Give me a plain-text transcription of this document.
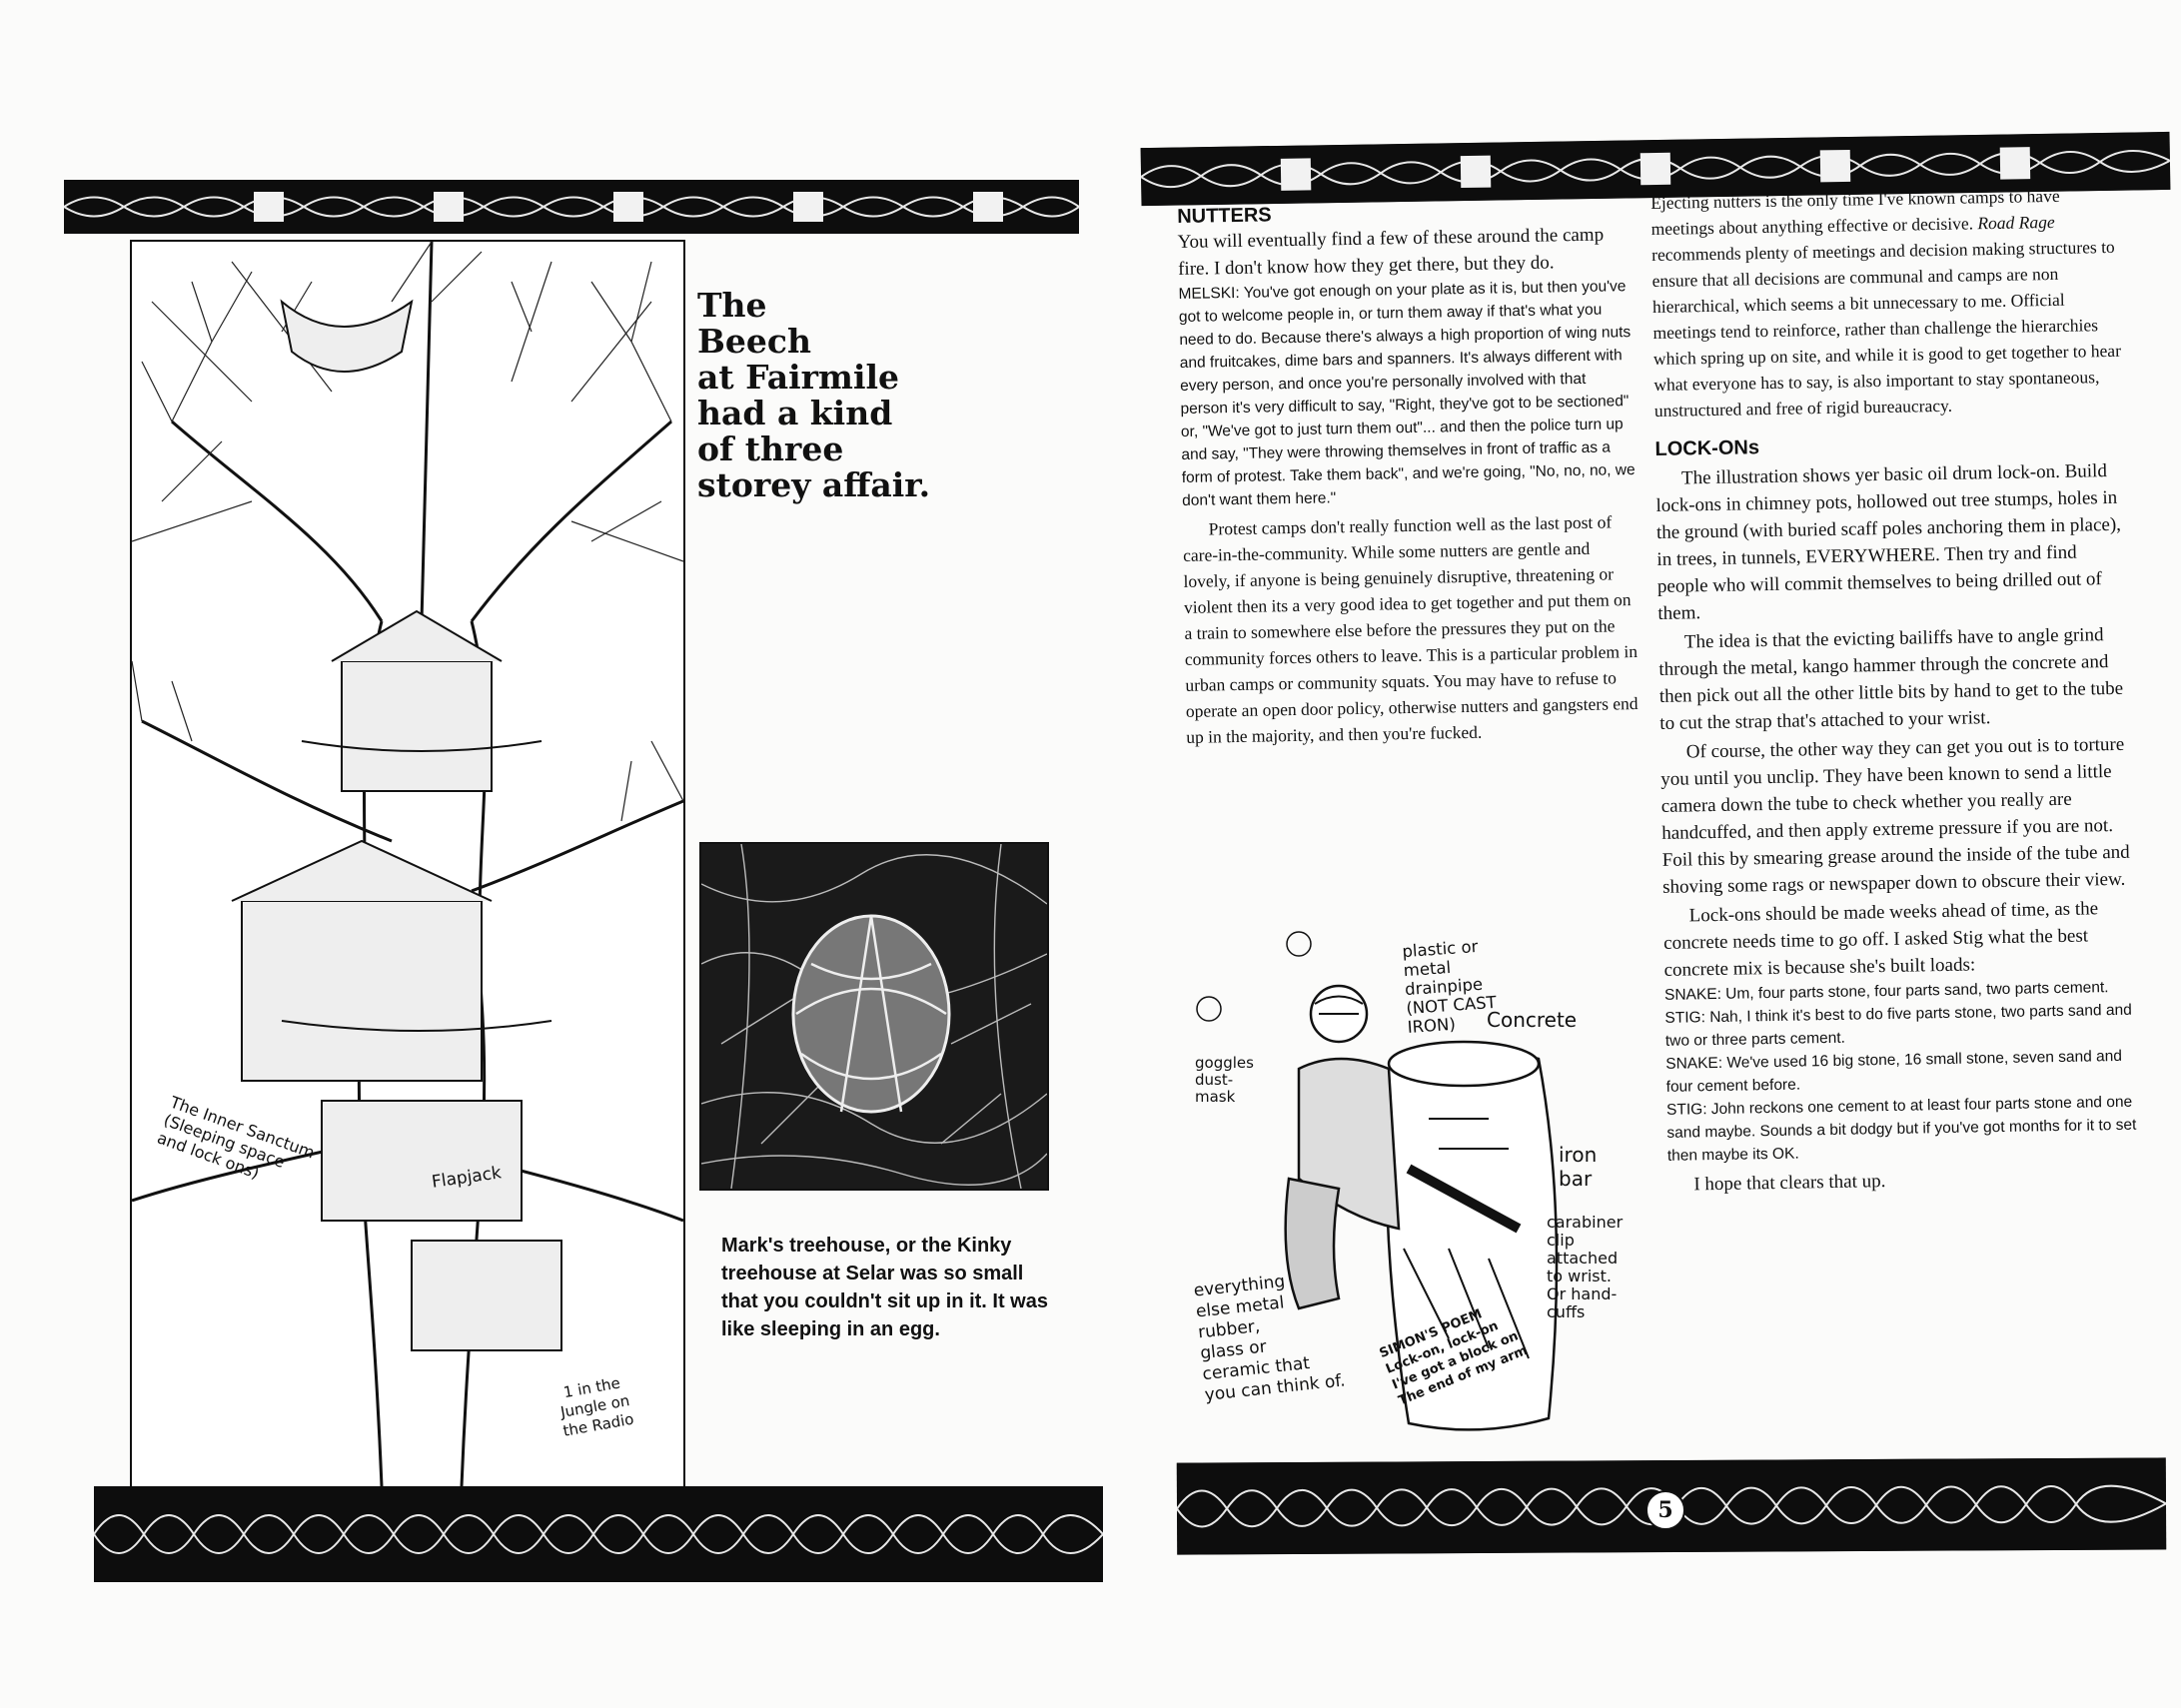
The Inner Sanctum
(Sleeping space
and lock ons)	Flapjack
1 in the
Jungle on
the Radio
The
Beech
at Fairmile
had a kind
of three
storey affair.
Mark's treehouse, or the Kinky treehouse at Selar was so small that you couldn't sit up in it. It was like sleeping in an egg.
NUTTERS

You will eventually find a few of these around the camp fire. I don't know how they get there, but they do.

MELSKI: You've got enough on your plate as it is, but then you've got to welcome people in, or turn them away if that's what you need to do. Because there's always a high proportion of wing nuts and fruitcakes, dime bars and spanners. It's always different with every person, and once you're personally involved with that person it's very difficult to say, "Right, they've got to be sectioned" or, "We've got to just turn them out"... and then the police turn up and say, "They were throwing themselves in front of traffic as a form of protest. Take them back", and we're going, "No, no, no, we don't want them here."

Protest camps don't really function well as the last post of care-in-the-community. While some nutters are gentle and lovely, if anyone is being genuinely disruptive, threatening or violent then its a very good idea to get together and put them on a train to somewhere else before the pressures they put on the community forces others to leave. This is a particular problem in urban camps or community squats. You may have to refuse to operate an open door policy, otherwise nutters and gangsters end up in the majority, and then you're fucked.

plastic or
metal
drainpipe
(NOT CAST
IRON)	Concrete
goggles
dust-
mask
iron
bar
carabiner
clip
attached
to wrist.
Or hand-
cuffs
everything
else metal
rubber,
glass or
ceramic that
you can think of.
SIMON'S POEM
Lock-on, lock-on
I've got a block on
The end of my arm

Ejecting nutters is the only time I've known camps to have meetings about anything effective or decisive. Road Rage recommends plenty of meetings and decision making structures to ensure that all decisions are communal and camps are non hierarchical, which seems a bit unnecessary to me. Official meetings tend to reinforce, rather than challenge the hierarchies which spring up on site, and while it is good to get together to hear what everyone has to say, is also important to stay spontaneous, unstructured and free of rigid bureaucracy.

LOCK-ONs

The illustration shows yer basic oil drum lock-on. Build lock-ons in chimney pots, hollowed out tree stumps, holes in the ground (with buried scaff poles anchoring them in place), in trees, in tunnels, EVERYWHERE. Then try and find people who will commit themselves to being drilled out of them.

The idea is that the evicting bailiffs have to angle grind through the metal, kango hammer through the concrete and then pick out all the other little bits by hand to get to the tube to cut the strap that's attached to your wrist.

Of course, the other way they can get you out is to torture you until you unclip. They have been known to send a little camera down the tube to check whether you really are handcuffed, and then apply extreme pressure if you are not. Foil this by smearing grease around the inside of the tube and shoving some rags or newspaper down to obscure their view.

Lock-ons should be made weeks ahead of time, as the concrete needs time to go off. I asked Stig what the best concrete mix is because she's built loads:

SNAKE: Um, four parts stone, four parts sand, two parts cement.

STIG: Nah, I think it's best to do five parts stone, two parts sand and two or three parts cement.

SNAKE: We've used 16 big stone, 16 small stone, seven sand and four cement before.

STIG: John reckons one cement to at least four parts stone and one sand maybe. Sounds a bit dodgy but if you've got months for it to set then maybe its OK.

I hope that clears that up.

5
